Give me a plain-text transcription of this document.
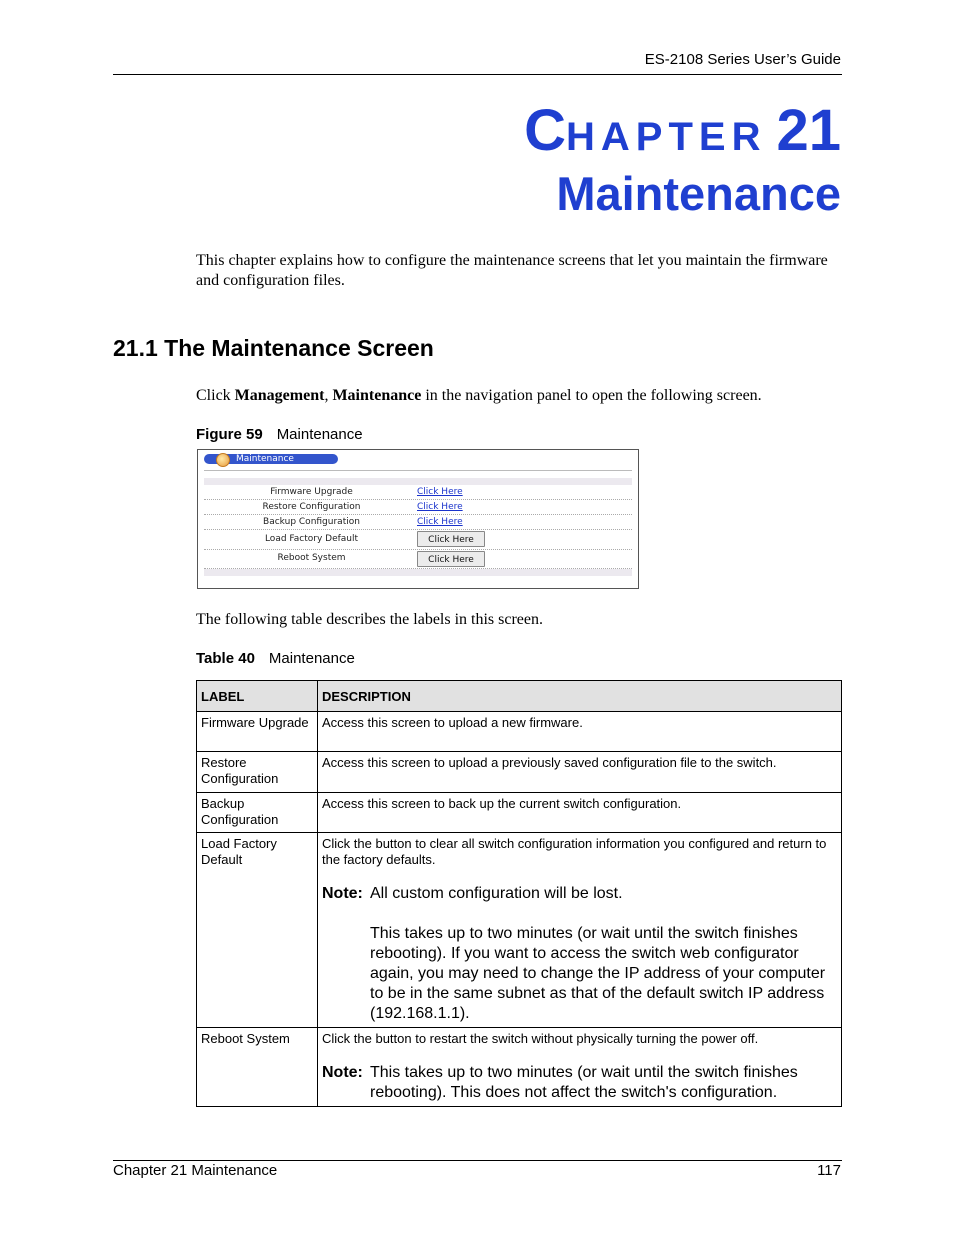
ES-2108 Series User’s Guide
CHAPTER 21
Maintenance
This chapter explains how to configure the maintenance screens that let you maintain the firmware and configuration files.
21.1 The Maintenance Screen
Click Management, Maintenance in the navigation panel to open the following screen.
Figure 59 Maintenance
Maintenance
Firmware Upgrade	Click Here
Restore Configuration	Click Here
Backup Configuration	Click Here
Load Factory Default	Click Here
Reboot System	Click Here
The following table describes the labels in this screen.
Table 40 Maintenance
LABEL	DESCRIPTION
Firmware Upgrade	Access this screen to upload a new firmware.
Restore Configuration	Access this screen to upload a previously saved configuration file to the switch.
Backup Configuration	Access this screen to back up the current switch configuration.
Load Factory Default	Click the button to clear all switch configuration information you configured and return to the factory defaults.
Note: All custom configuration will be lost.
This takes up to two minutes (or wait until the switch finishes rebooting). If you want to access the switch web configurator again, you may need to change the IP address of your computer to be in the same subnet as that of the default switch IP address (192.168.1.1).

Reboot System	Click the button to restart the switch without physically turning the power off.
Note: This takes up to two minutes (or wait until the switch finishes rebooting). This does not affect the switch's configuration.
Chapter 21 Maintenance	117
